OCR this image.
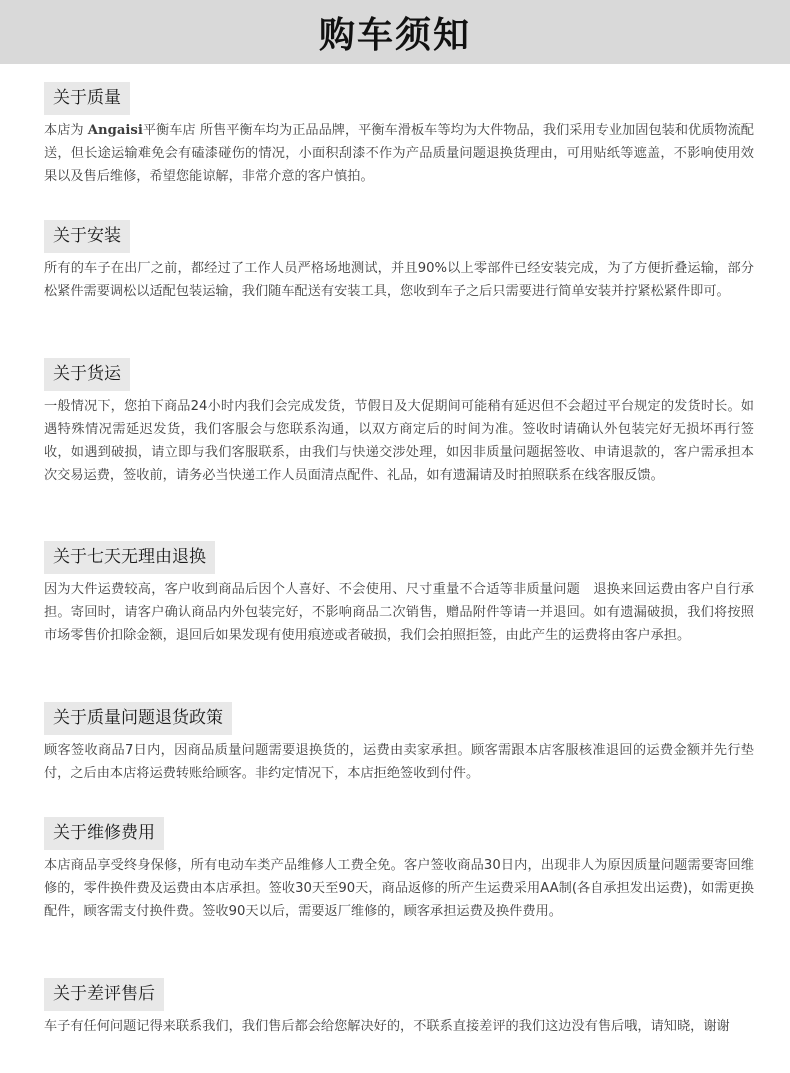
购车须知
关于质量

本店为 Angaisi平衡车店 所售平衡车均为正品品牌，平衡车滑板车等均为大件物品，我们采用专业加固包装和优质物流配送，但长途运输难免会有磕漆碰伤的情况，小面积刮漆不作为产品质量问题退换货理由，可用贴纸等遮盖，不影响使用效果以及售后维修，希望您能谅解，非常介意的客户慎拍。

关于安装

所有的车子在出厂之前，都经过了工作人员严格场地测试，并且90%以上零部件已经安装完成，为了方便折叠运输，部分松紧件需要调松以适配包装运输，我们随车配送有安装工具，您收到车子之后只需要进行简单安装并拧紧松紧件即可。

关于货运

一般情况下，您拍下商品24小时内我们会完成发货，节假日及大促期间可能稍有延迟但不会超过平台规定的发货时长。如遇特殊情况需延迟发货，我们客服会与您联系沟通，以双方商定后的时间为准。签收时请确认外包装完好无损坏再行签收，如遇到破损，请立即与我们客服联系，由我们与快递交涉处理，如因非质量问题据签收、申请退款的，客户需承担本次交易运费，签收前，请务必当快递工作人员面清点配件、礼品，如有遗漏请及时拍照联系在线客服反馈。

关于七天无理由退换

因为大件运费较高，客户收到商品后因个人喜好、不会使用、尺寸重量不合适等非质量问题　退换来回运费由客户自行承担。寄回时，请客户确认商品内外包装完好，不影响商品二次销售，赠品附件等请一并退回。如有遗漏破损，我们将按照市场零售价扣除金额，退回后如果发现有使用痕迹或者破损，我们会拍照拒签，由此产生的运费将由客户承担。

关于质量问题退货政策

顾客签收商品7日内，因商品质量问题需要退换货的，运费由卖家承担。顾客需跟本店客服核准退回的运费金额并先行垫付，之后由本店将运费转账给顾客。非约定情况下，本店拒绝签收到付件。

关于维修费用

本店商品享受终身保修，所有电动车类产品维修人工费全免。客户签收商品30日内，出现非人为原因质量问题需要寄回维修的，零件换件费及运费由本店承担。签收30天至90天，商品返修的所产生运费采用AA制(各自承担发出运费)，如需更换配件，顾客需支付换件费。签收90天以后，需要返厂维修的，顾客承担运费及换件费用。

关于差评售后

车子有任何问题记得来联系我们，我们售后都会给您解决好的，不联系直接差评的我们这边没有售后哦，请知晓，谢谢
